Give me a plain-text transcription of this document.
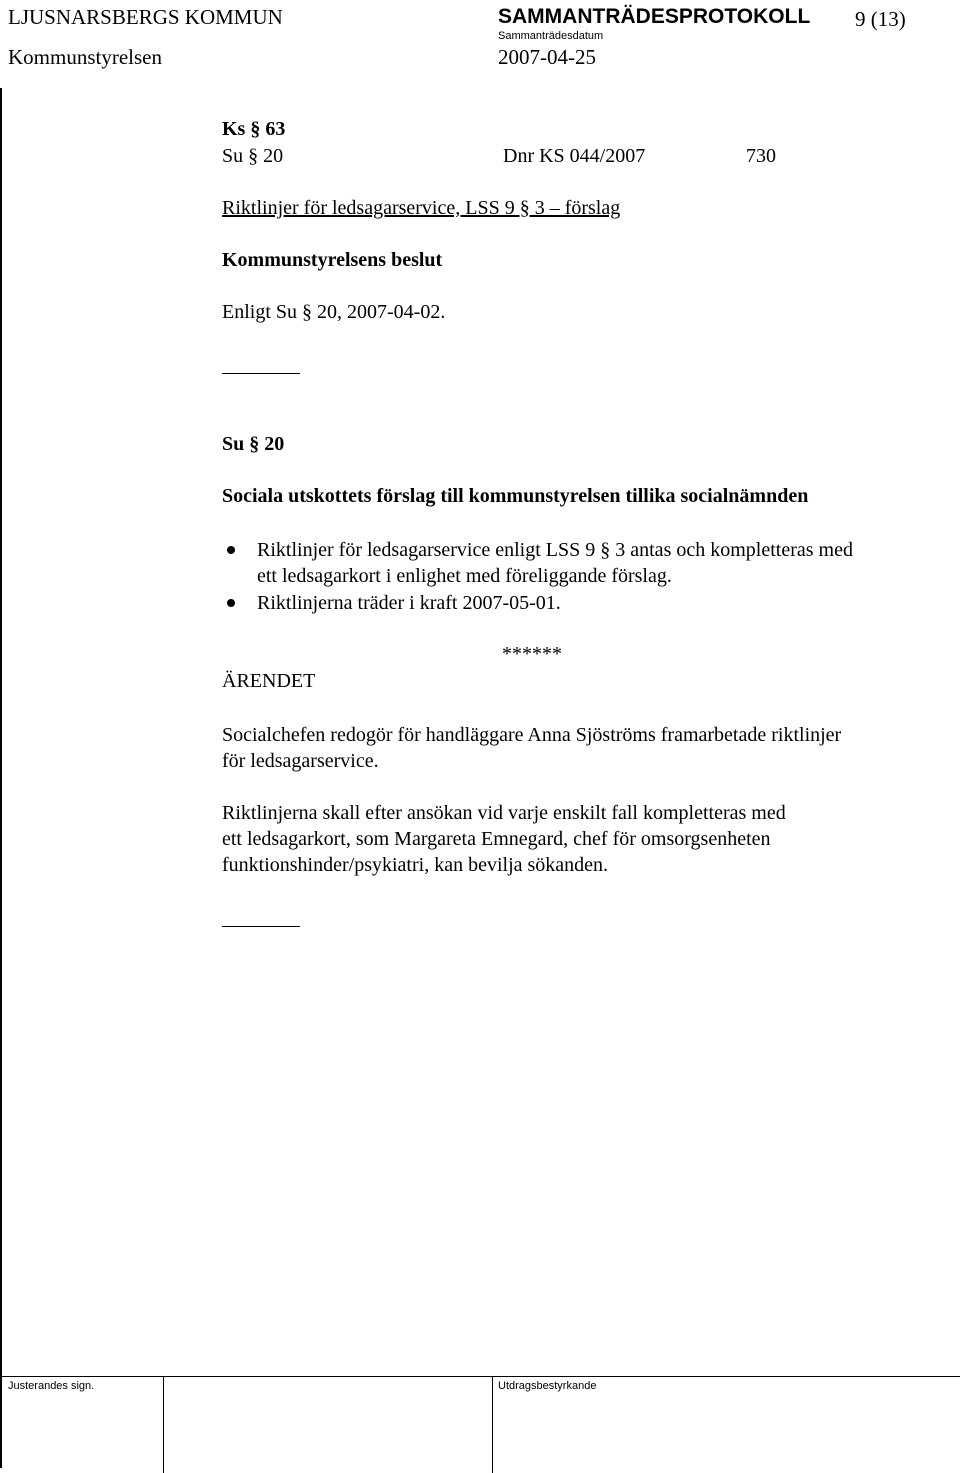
LJUSNARSBERGS KOMMUN
Kommunstyrelsen
SAMMANTRÄDESPROTOKOLL
Sammanträdesdatum
2007-04-25
9 (13)
Ks § 63
Su § 20	Dnr KS 044/2007	730
Riktlinjer för ledsagarservice, LSS 9 § 3 – förslag
Kommunstyrelsens beslut
Enligt Su § 20, 2007-04-02.
Su § 20
Sociala utskottets förslag till kommunstyrelsen tillika socialnämnden
Riktlinjer för ledsagarservice enligt LSS 9 § 3 antas och kompletteras med
ett ledsagarkort i enlighet med föreliggande förslag.
Riktlinjerna träder i kraft 2007-05-01.
******
ÄRENDET
Socialchefen redogör för handläggare Anna Sjöströms framarbetade riktlinjer
för ledsagarservice.
Riktlinjerna skall efter ansökan vid varje enskilt fall kompletteras med
ett ledsagarkort, som Margareta Emnegard, chef för omsorgsenheten
funktionshinder/psykiatri, kan bevilja sökanden.
Justerandes sign.	Utdragsbestyrkande
